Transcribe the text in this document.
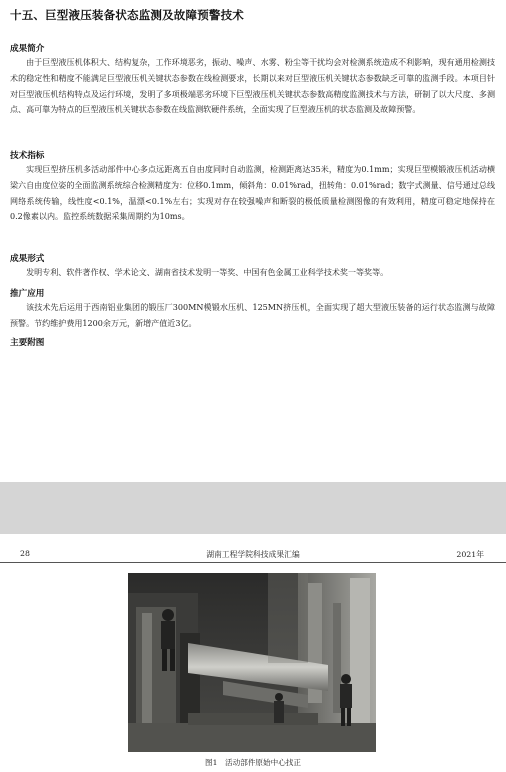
十五、巨型液压装备状态监测及故障预警技术
成果简介

由于巨型液压机体积大、结构复杂，工作环境恶劣，振动、噪声、水雾、粉尘等干扰均会对检测系统造成不利影响，现有通用检测技术的稳定性和精度不能满足巨型液压机关键状态参数在线检测要求，长期以来对巨型液压机关键状态参数缺乏可靠的监测手段。本项目针对巨型液压机结构特点及运行环境，发明了多项极端恶劣环境下巨型液压机关键状态参数高精度监测技术与方法，研制了以大尺度、多测点、高可靠为特点的巨型液压机关键状态参数在线监测软硬件系统，全面实现了巨型液压机的状态监测及故障预警。

技术指标

实现巨型挤压机多活动部件中心多点远距离五自由度同时自动监测，检测距离达35米，精度为0.1mm；实现巨型模锻液压机活动横梁六自由度位姿的全面监测系统综合检测精度为：位移0.1mm，倾斜角：0.01%rad，扭转角：0.01%rad；数字式测量、信号通过总线网络系统传输，线性度<0.1%，温漂<0.1%左右；实现对存在较强噪声和断裂的极低质量检测图像的有效利用，精度可稳定地保持在0.2像素以内。监控系统数据采集周期约为10ms。

成果形式

发明专利、软件著作权、学术论文、湖南省技术发明一等奖、中国有色金属工业科学技术奖一等奖等。

推广应用

该技术先后运用于西南铝业集团的锻压厂300MN模锻水压机、125MN挤压机，全面实现了超大型液压装备的运行状态监测与故障预警。节约维护费用1200余万元，新增产值近3亿。

主要附图
28	湖南工程学院科技成果汇编	2021年
图1　活动部件原始中心找正
